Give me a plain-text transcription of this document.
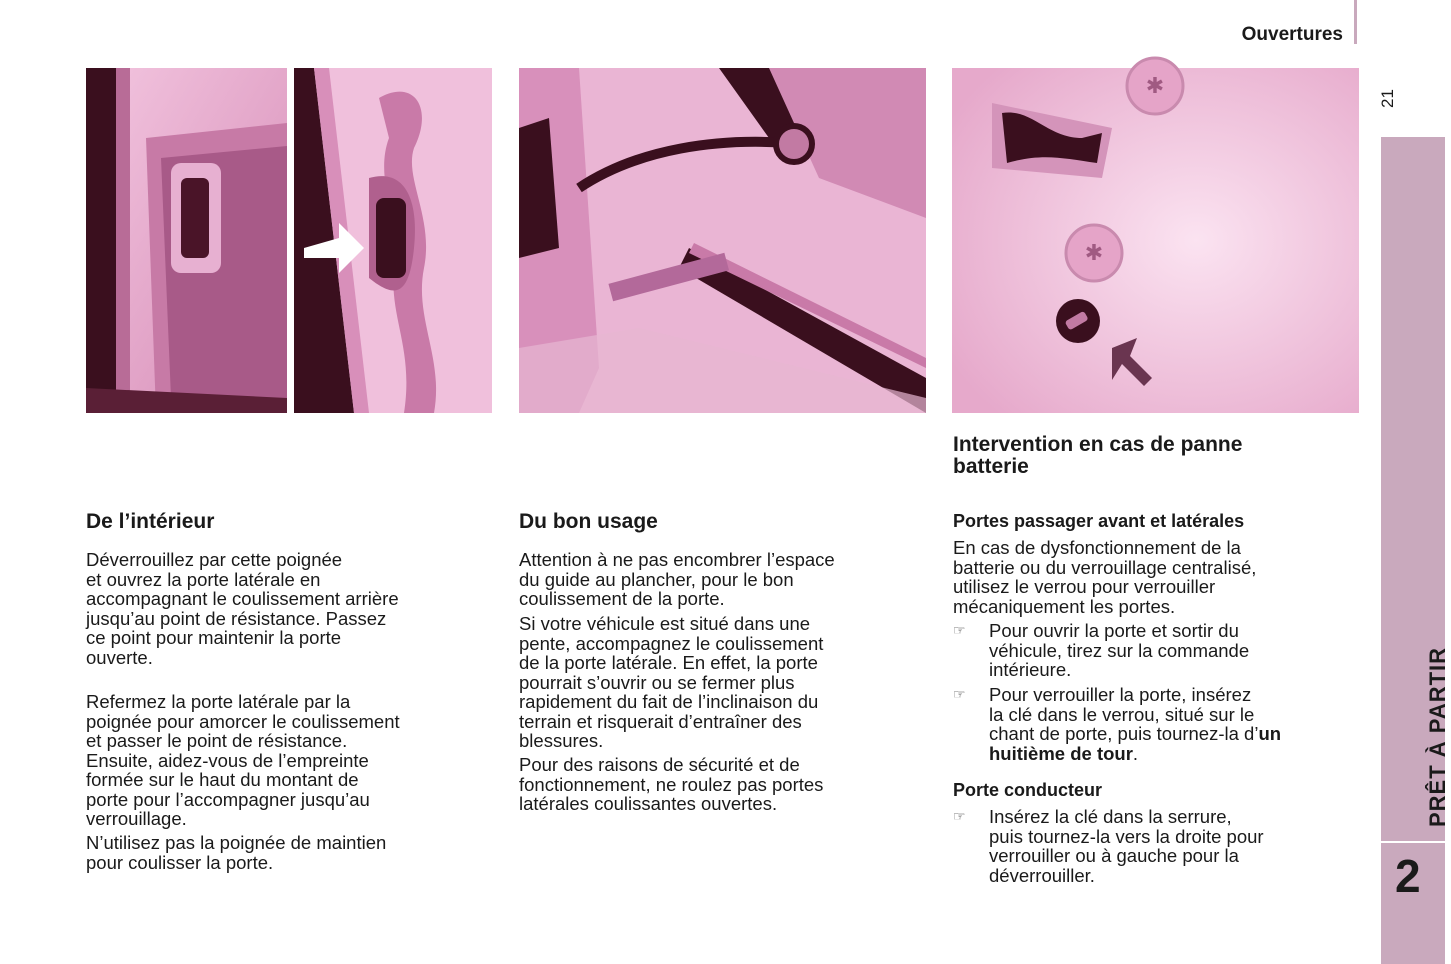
Ouvertures
21
PRÊT À PARTIR
2
✱
✱
De l’intérieur

Déverrouillez par cette poignée
et ouvrez la porte latérale en
accompagnant le coulissement arrière
jusqu’au point de résistance. Passez
ce point pour maintenir la porte
ouverte.

Refermez la porte latérale par la
poignée pour amorcer le coulissement
et passer le point de résistance.
Ensuite, aidez-vous de l’empreinte
formée sur le haut du montant de
porte pour l’accompagner jusqu’au
verrouillage.

N’utilisez pas la poignée de maintien
pour coulisser la porte.

Du bon usage

Attention à ne pas encombrer l’espace
du guide au plancher, pour le bon
coulissement de la porte.

Si votre véhicule est situé dans une
pente, accompagnez le coulissement
de la porte latérale. En effet, la porte
pourrait s’ouvrir ou se fermer plus
rapidement du fait de l’inclinaison du
terrain et risquerait d’entraîner des
blessures.

Pour des raisons de sécurité et de
fonctionnement, ne roulez pas portes
latérales coulissantes ouvertes.

Intervention en cas de panne
batterie
Portes passager avant et latérales

En cas de dysfonctionnement de la
batterie ou du verrouillage centralisé,
utilisez le verrou pour verrouiller
mécaniquement les portes.

☞ Pour ouvrir la porte et sortir du
véhicule, tirez sur la commande
intérieure.
☞ Pour verrouiller la porte, insérez
la clé dans le verrou, situé sur le
chant de porte, puis tournez-la d’un
huitième de tour.
Porte conducteur
☞ Insérez la clé dans la serrure,
puis tournez-la vers la droite pour
verrouiller ou à gauche pour la
déverrouiller.
